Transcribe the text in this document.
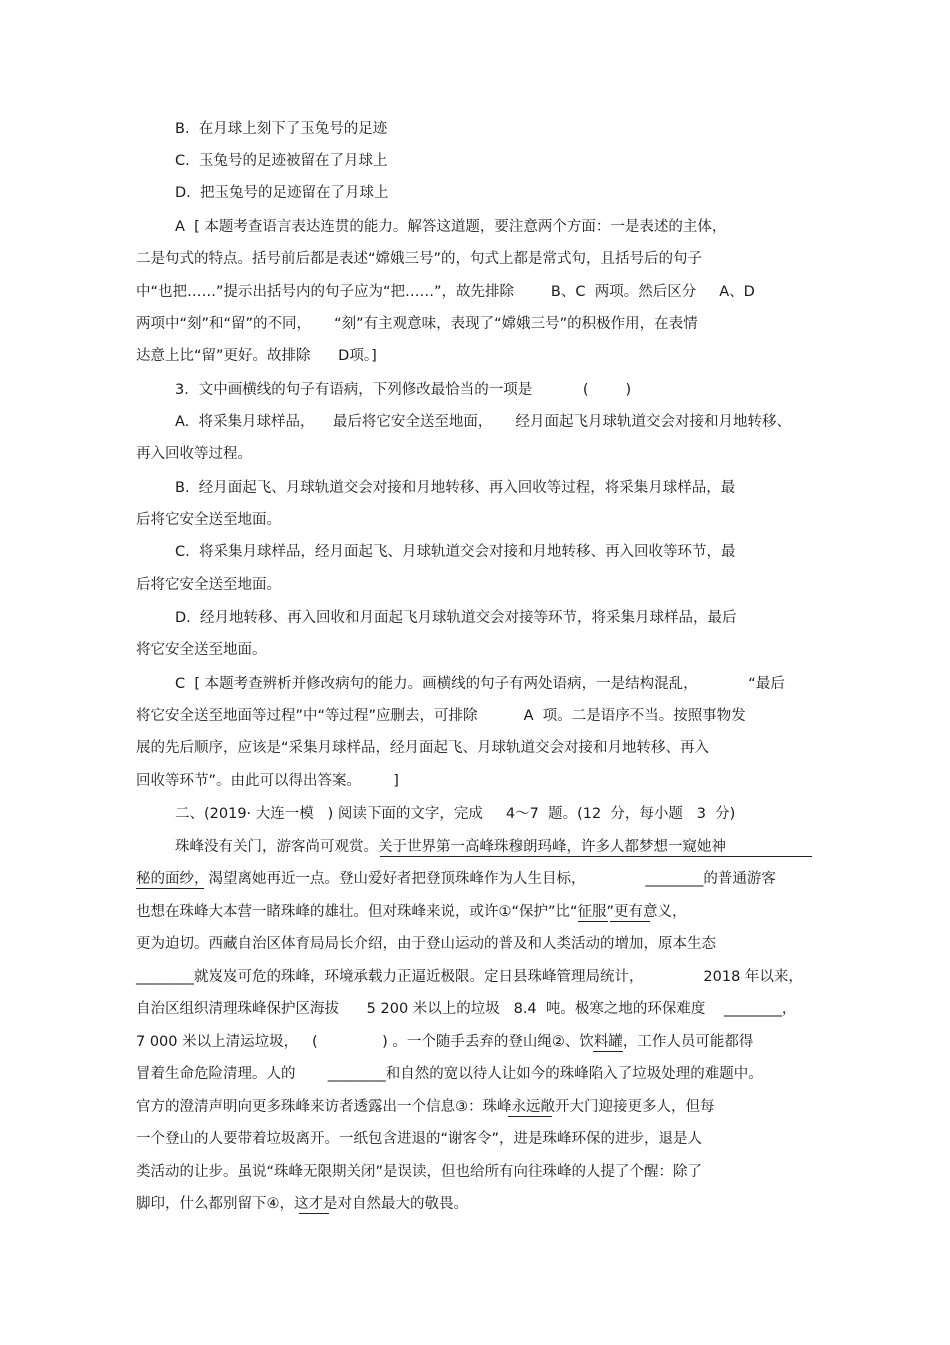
B.  在月球上刻下了玉兔号的足迹
C.  玉兔号的足迹被留在了月球上
D.  把玉兔号的足迹留在了月球上
A  [ 本题考查语言表达连贯的能力。解答这道题，要注意两个方面：一是表述的主体，
二是句式的特点。括号前后都是表述“嫦娥三号”的，句式上都是常式句，且括号后的句子
中“也把……”提示出括号内的句子应为“把……”，故先排除        B、C  两项。然后区分     A、D
两项中“刻”和“留”的不同，     “刻”有主观意味，表现了“嫦娥三号”的积极作用，在表情
达意上比“留”更好。故排除      D项。]
3．文中画横线的句子有语病，下列修改最恰当的一项是           (        )
A.  将采集月球样品，    最后将它安全送至地面，     经月面起飞月球轨道交会对接和月地转移、
再入回收等过程。
B.  经月面起飞、月球轨道交会对接和月地转移、再入回收等过程，将采集月球样品，最
后将它安全送至地面。
C.  将采集月球样品，经月面起飞、月球轨道交会对接和月地转移、再入回收等环节，最
后将它安全送至地面。
D.  经月地转移、再入回收和月面起飞月球轨道交会对接等环节，将采集月球样品，最后
将它安全送至地面。
C  [ 本题考查辨析并修改病句的能力。画横线的句子有两处语病，一是结构混乱，           “最后
将它安全送至地面等过程”中“等过程”应删去，可排除          A  项。二是语序不当。按照事物发
展的先后顺序，应该是“采集月球样品，经月面起飞、月球轨道交会对接和月地转移、再入
回收等环节”。由此可以得出答案。       ]
二、(2019· 大连一模   ) 阅读下面的文字，完成     4～7  题。(12  分，每小题   3  分)
珠峰没有关门，游客尚可观赏。关于世界第一高峰珠穆朗玛峰，许多人都梦想一窥她神
秘的面纱，渴望离她再近一点。登山爱好者把登顶珠峰作为人生目标，             ________的普通游客
也想在珠峰大本营一睹珠峰的雄壮。但对珠峰来说，或许①“保护”比“征服”更有意义，
更为迫切。西藏自治区体育局局长介绍，由于登山运动的普及和人类活动的增加，原本生态
________就岌岌可危的珠峰，环境承载力正逼近极限。定日县珠峰管理局统计，             2018 年以来，
自治区组织清理珠峰保护区海拔      5 200 米以上的垃圾   8.4  吨。极寒之地的环保难度    ________，
7 000 米以上清运垃圾，   (              ) 。一个随手丢弃的登山绳②、饮料罐，工作人员可能都得
冒着生命危险清理。人的       ________和自然的宽以待人让如今的珠峰陷入了垃圾处理的难题中。
官方的澄清声明向更多珠峰来访者透露出一个信息③：珠峰永远敞开大门迎接更多人，但每
一个登山的人要带着垃圾离开。一纸包含进退的“谢客令”，进是珠峰环保的进步，退是人
类活动的让步。虽说“珠峰无限期关闭”是误读，但也给所有向往珠峰的人提了个醒：除了
脚印，什么都别留下④，这才是对自然最大的敬畏。
